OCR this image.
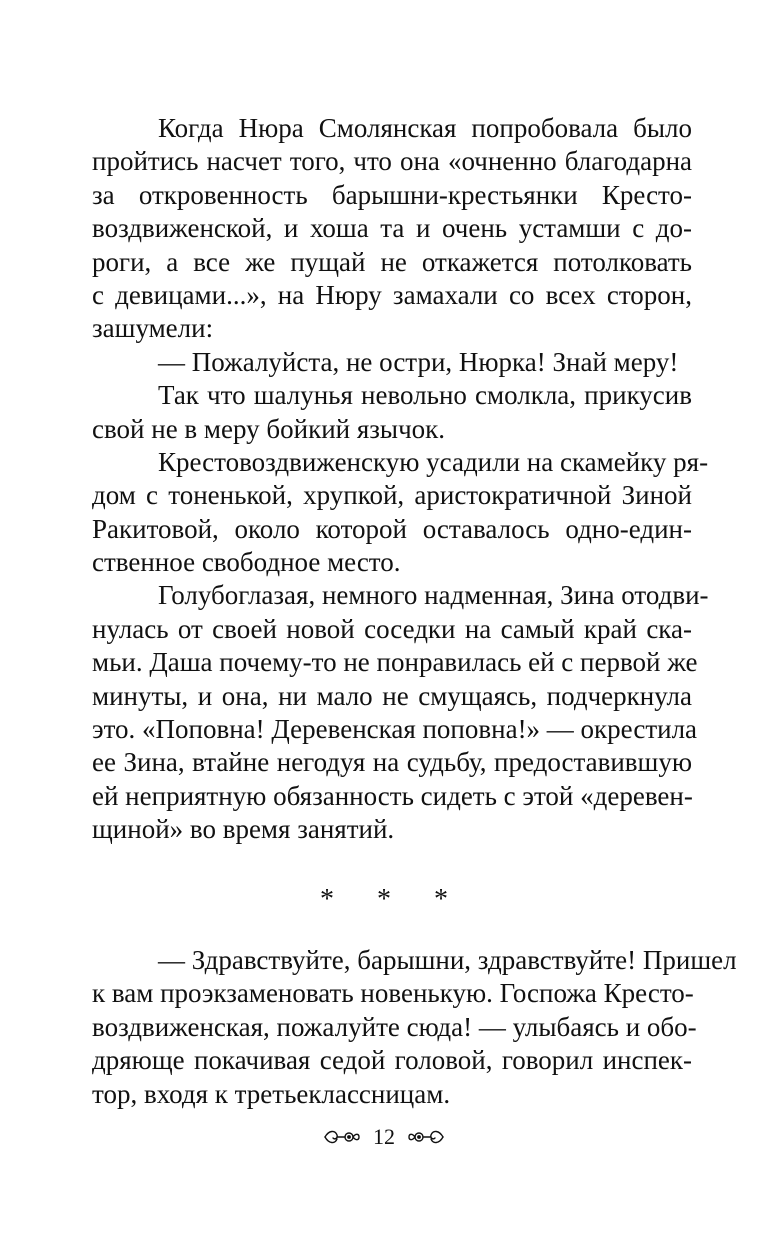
Когда Нюра Смолянская попробовала было
пройтись насчет того, что она «очненно благодарна
за откровенность барышни-крестьянки Кресто-
воздвиженской, и хоша та и очень устамши с до-
роги, а все же пущай не откажется потолковать
с девицами...», на Нюру замахали со всех сторон,
зашумели:
— Пожалуйста, не остри, Нюрка! Знай меру!
Так что шалунья невольно смолкла, прикусив
свой не в меру бойкий язычок.
Крестовоздвиженскую усадили на скамейку ря-
дом с тоненькой, хрупкой, аристократичной Зиной
Ракитовой, около которой оставалось одно-един-
ственное свободное место.
Голубоглазая, немного надменная, Зина отодви-
нулась от своей новой соседки на самый край ска-
мьи. Даша почему-то не понравилась ей с первой же
минуты, и она, ни мало не смущаясь, подчеркнула
это. «Поповна! Деревенская поповна!» — окрестила
ее Зина, втайне негодуя на судьбу, предоставившую
ей неприятную обязанность сидеть с этой «деревен-
щиной» во время занятий.
* * *
— Здравствуйте, барышни, здравствуйте! Пришел
к вам проэкзаменовать новенькую. Госпожа Кресто-
воздвиженская, пожалуйте сюда! — улыбаясь и обо-
дряюще покачивая седой головой, говорил инспек-
тор, входя к третьеклассницам.
12
